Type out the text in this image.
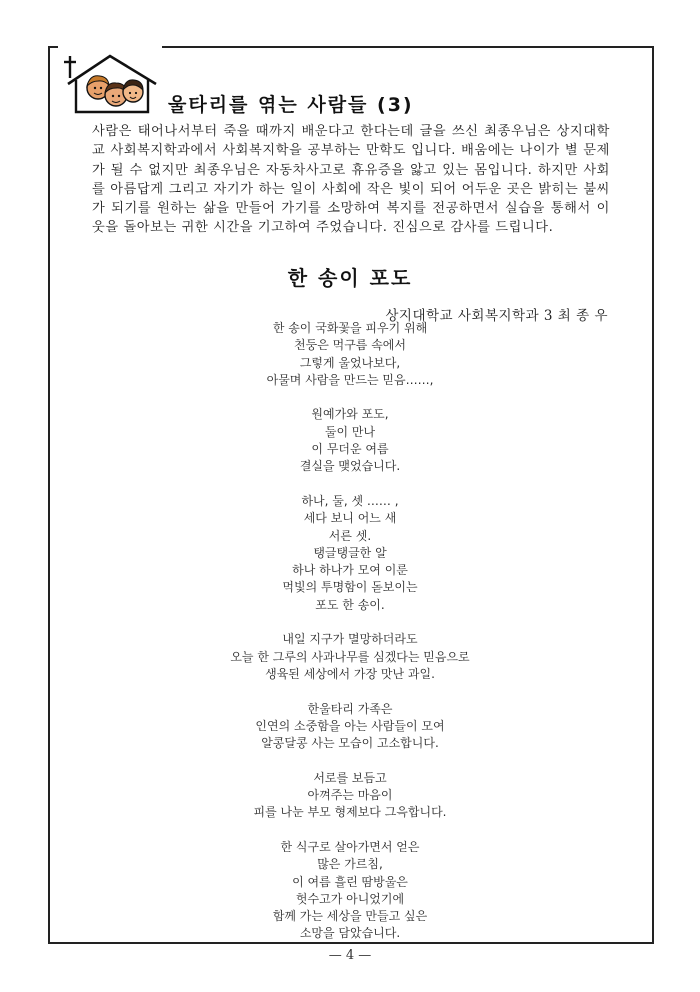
울타리를 엮는 사람들 (3)
사람은 태어나서부터 죽을 때까지 배운다고 한다는데 글을 쓰신 최종우님은 상지대학교 사회복지학과에서 사회복지학을 공부하는 만학도 입니다. 배움에는 나이가 별 문제가 될 수 없지만 최종우님은 자동차사고로 휴유증을 앓고 있는 몸입니다. 하지만 사회를 아름답게 그리고 자기가 하는 일이 사회에 작은 빛이 되어 어두운 곳은 밝히는 불씨가 되기를 원하는 삶을 만들어 가기를 소망하여 복지를 전공하면서 실습을 통해서 이웃을 돌아보는 귀한 시간을 기고하여 주었습니다. 진심으로 감사를 드립니다.
한 송이 포도
상지대학교 사회복지학과 3 최 종 우
한 송이 국화꽃을 피우기 위해
천둥은 먹구름 속에서
그렇게 울었나보다,
아물며 사람을 만드는 믿음……,
원예가와 포도,
둘이 만나
이 무더운 여름
결실을 맺었습니다.
하나, 둘, 셋 …… ,
세다 보니 어느 새
서른 셋.
탱글탱글한 알
하나 하나가 모여 이룬
먹빛의 투명함이 돋보이는
포도 한 송이.
내일 지구가 멸망하더라도
오늘 한 그루의 사과나무를 심겠다는 믿음으로
생육된 세상에서 가장 맛난 과일.
한울타리 가족은
인연의 소중함을 아는 사람들이 모여
알콩달콩 사는 모습이 고소합니다.
서로를 보듬고
아껴주는 마음이
피를 나눈 부모 형제보다 그윽합니다.
한 식구로 살아가면서 얻은
많은 가르침,
이 여름 흘린 땀방울은
헛수고가 아니었기에
함께 가는 세상을 만들고 싶은
소망을 담았습니다.
— 4 —
